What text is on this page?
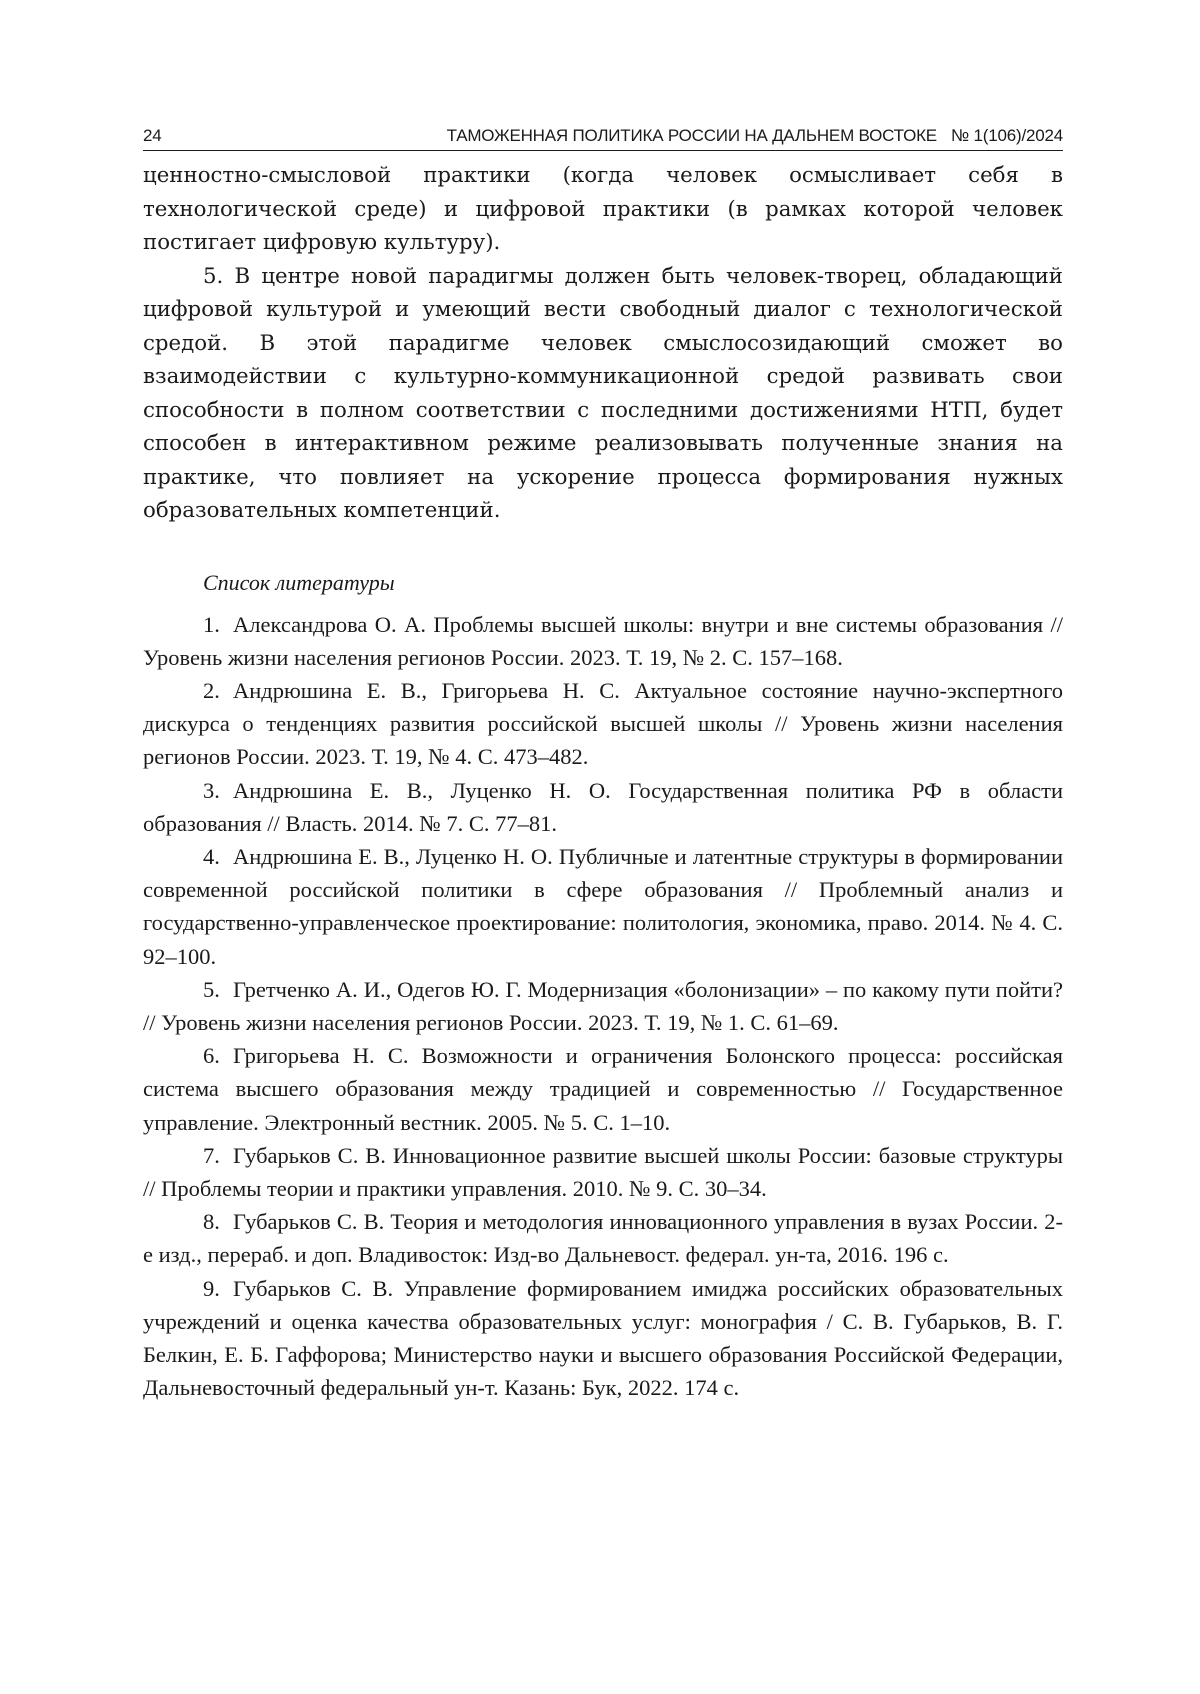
24	ТАМОЖЕННАЯ ПОЛИТИКА РОССИИ НА ДАЛЬНЕМ ВОСТОКЕ № 1(106)/2024

ценностно-смысловой практики (когда человек осмысливает себя в технологической среде) и цифровой практики (в рамках которой человек постигает цифровую культуру).

5. В центре новой парадигмы должен быть человек-творец, обладающий цифровой культурой и умеющий вести свободный диалог с технологической средой. В этой парадигме человек смыслосозидающий сможет во взаимодействии с культурно-коммуникационной средой развивать свои способности в полном соответствии с последними достижениями НТП, будет способен в интерактивном режиме реализовывать полученные знания на практике, что повлияет на ускорение процесса формирования нужных образовательных компетенций.

Список литературы

1. Александрова О. А. Проблемы высшей школы: внутри и вне системы образования // Уровень жизни населения регионов России. 2023. Т. 19, № 2. С. 157–168.

2. Андрюшина Е. В., Григорьева Н. С. Актуальное состояние научно-экспертного дискурса о тенденциях развития российской высшей школы // Уровень жизни населения регионов России. 2023. Т. 19, № 4. С. 473–482.

3. Андрюшина Е. В., Луценко Н. О. Государственная политика РФ в области образования // Власть. 2014. № 7. С. 77–81.

4. Андрюшина Е. В., Луценко Н. О. Публичные и латентные структуры в формировании современной российской политики в сфере образования // Проблемный анализ и государственно-управленческое проектирование: политология, экономика, право. 2014. № 4. С. 92–100.

5. Гретченко А. И., Одегов Ю. Г. Модернизация «болонизации» – по какому пути пойти? // Уровень жизни населения регионов России. 2023. Т. 19, № 1. С. 61–69.

6. Григорьева Н. С. Возможности и ограничения Болонского процесса: российская система высшего образования между традицией и современностью // Государственное управление. Электронный вестник. 2005. № 5. С. 1–10.

7. Губарьков С. В. Инновационное развитие высшей школы России: базовые структуры // Проблемы теории и практики управления. 2010. № 9. С. 30–34.

8. Губарьков С. В. Теория и методология инновационного управления в вузах России. 2-е изд., перераб. и доп. Владивосток: Изд-во Дальневост. федерал. ун-та, 2016. 196 с.

9. Губарьков С. В. Управление формированием имиджа российских образовательных учреждений и оценка качества образовательных услуг: монография / С. В. Губарьков, В. Г. Белкин, Е. Б. Гаффорова; Министерство науки и высшего образования Российской Федерации, Дальневосточный федеральный ун-т. Казань: Бук, 2022. 174 с.
